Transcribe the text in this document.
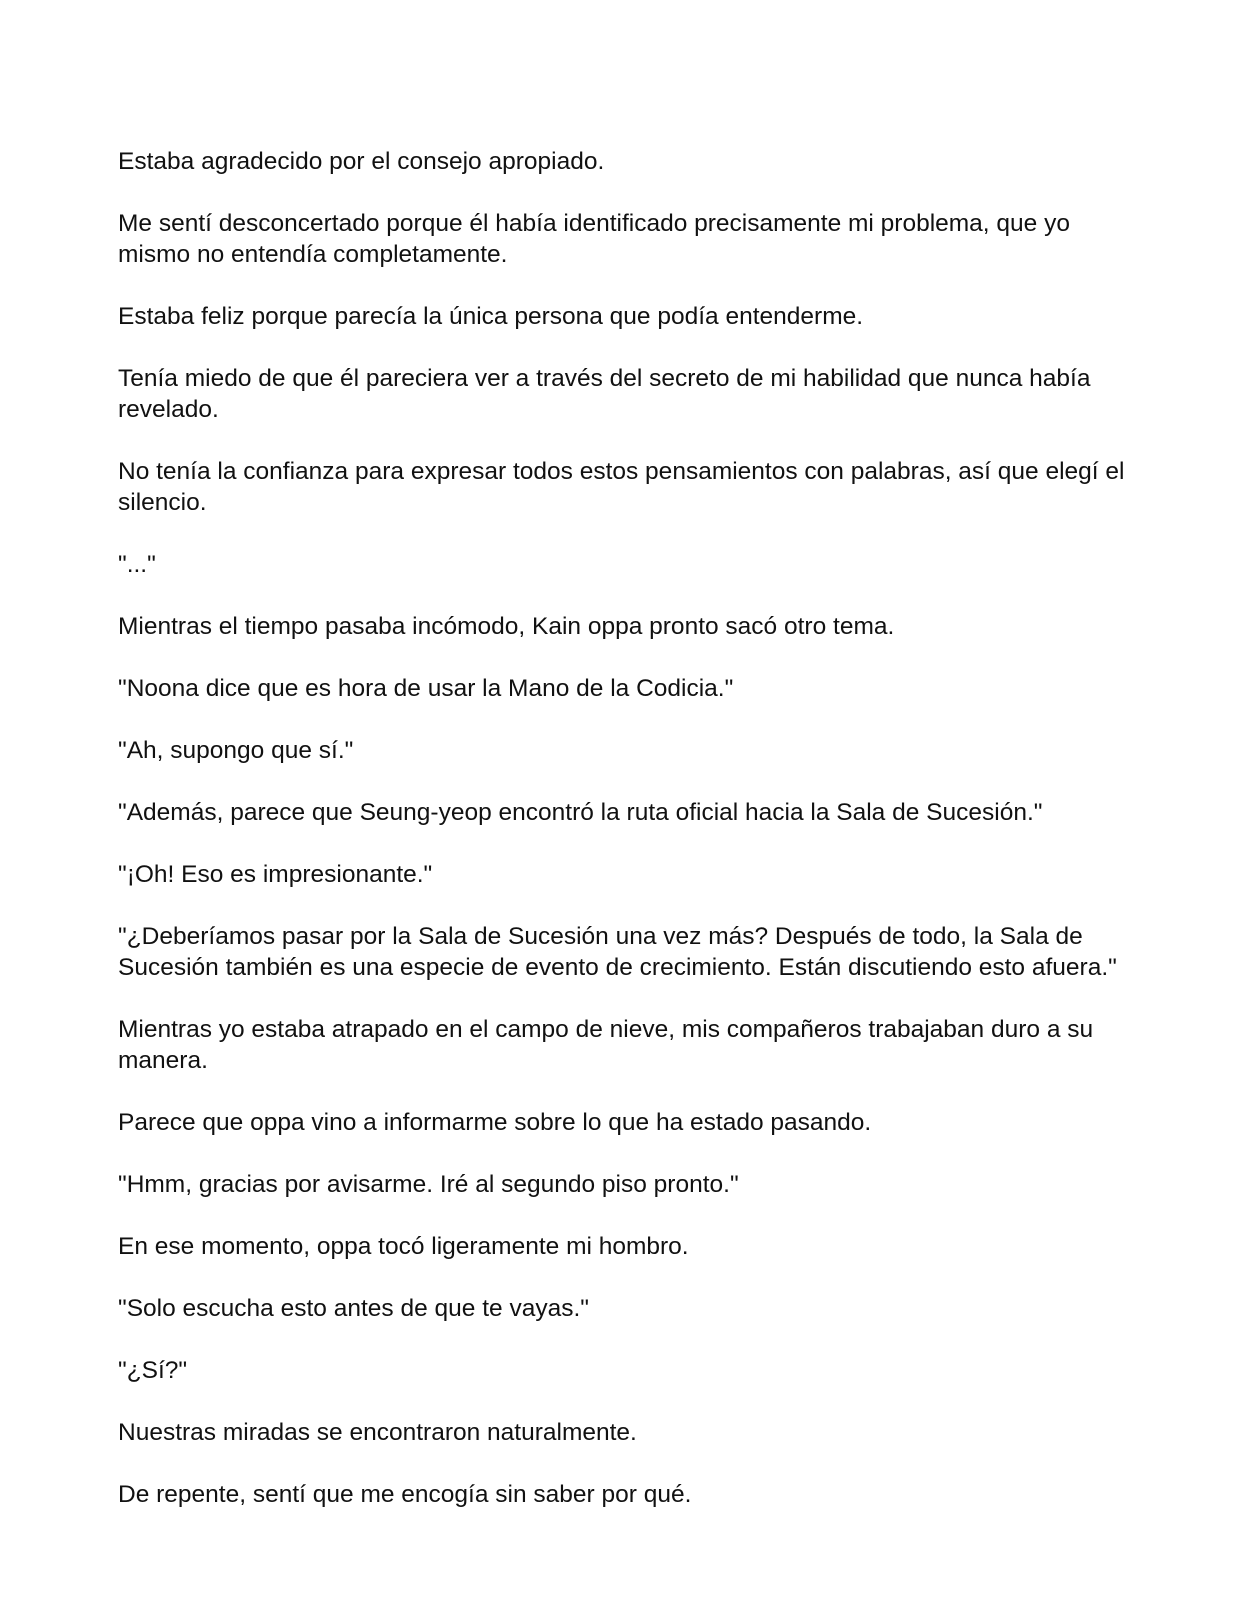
Estaba agradecido por el consejo apropiado.

Me sentí desconcertado porque él había identificado precisamente mi problema, que yo mismo no entendía completamente.

Estaba feliz porque parecía la única persona que podía entenderme.

Tenía miedo de que él pareciera ver a través del secreto de mi habilidad que nunca había revelado.

No tenía la confianza para expresar todos estos pensamientos con palabras, así que elegí el silencio.

"..."

Mientras el tiempo pasaba incómodo, Kain oppa pronto sacó otro tema.

"Noona dice que es hora de usar la Mano de la Codicia."

"Ah, supongo que sí."

"Además, parece que Seung-yeop encontró la ruta oficial hacia la Sala de Sucesión."

"¡Oh! Eso es impresionante."

"¿Deberíamos pasar por la Sala de Sucesión una vez más? Después de todo, la Sala de Sucesión también es una especie de evento de crecimiento. Están discutiendo esto afuera."

Mientras yo estaba atrapado en el campo de nieve, mis compañeros trabajaban duro a su manera.

Parece que oppa vino a informarme sobre lo que ha estado pasando.

"Hmm, gracias por avisarme. Iré al segundo piso pronto."

En ese momento, oppa tocó ligeramente mi hombro.

"Solo escucha esto antes de que te vayas."

"¿Sí?"

Nuestras miradas se encontraron naturalmente.

De repente, sentí que me encogía sin saber por qué.
